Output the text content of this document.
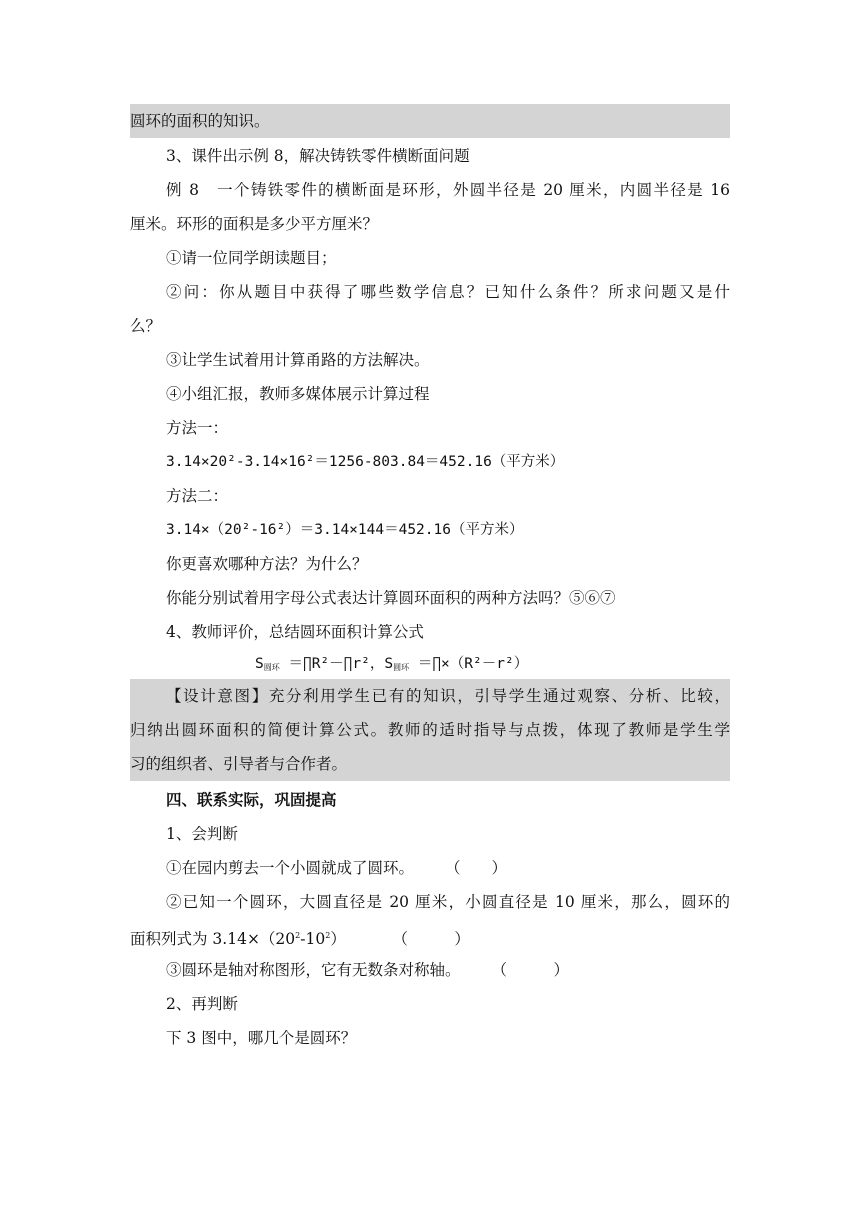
圆环的面积的知识。
3、课件出示例 8，解决铸铁零件横断面问题
例 8　一个铸铁零件的横断面是环形，外圆半径是 20 厘米，内圆半径是 16
厘米。环形的面积是多少平方厘米？
①请一位同学朗读题目；
②问：你从题目中获得了哪些数学信息？已知什么条件？所求问题又是什
么？
③让学生试着用计算甬路的方法解决。
④小组汇报，教师多媒体展示计算过程
方法一：
3.14×20²-3.14×16²＝1256-803.84＝452.16（平方米）
方法二：
3.14×（20²-16²）＝3.14×144＝452.16（平方米）
你更喜欢哪种方法？为什么？
你能分别试着用字母公式表达计算圆环面积的两种方法吗？⑤⑥⑦
4、教师评价，总结圆环面积计算公式
$S_{圆环}$ ＝∏R²－∏r²，$S_{圆环}$ ＝∏×（R²－r²）
【设计意图】充分利用学生已有的知识，引导学生通过观察、分析、比较，
归纳出圆环面积的简便计算公式。教师的适时指导与点拨，体现了教师是学生学
习的组织者、引导者与合作者。
四、联系实际，巩固提高
1、会判断
①在园内剪去一个小圆就成了圆环。　　　（　　）
②已知一个圆环，大圆直径是 20 厘米，小圆直径是 10 厘米，那么，圆环的
面积列式为 $3.14\times(20^2-10^2)$　　　　（　　　）
③圆环是轴对称图形，它有无数条对称轴。　　　（　　　）
2、再判断
下 3 图中，哪几个是圆环？
